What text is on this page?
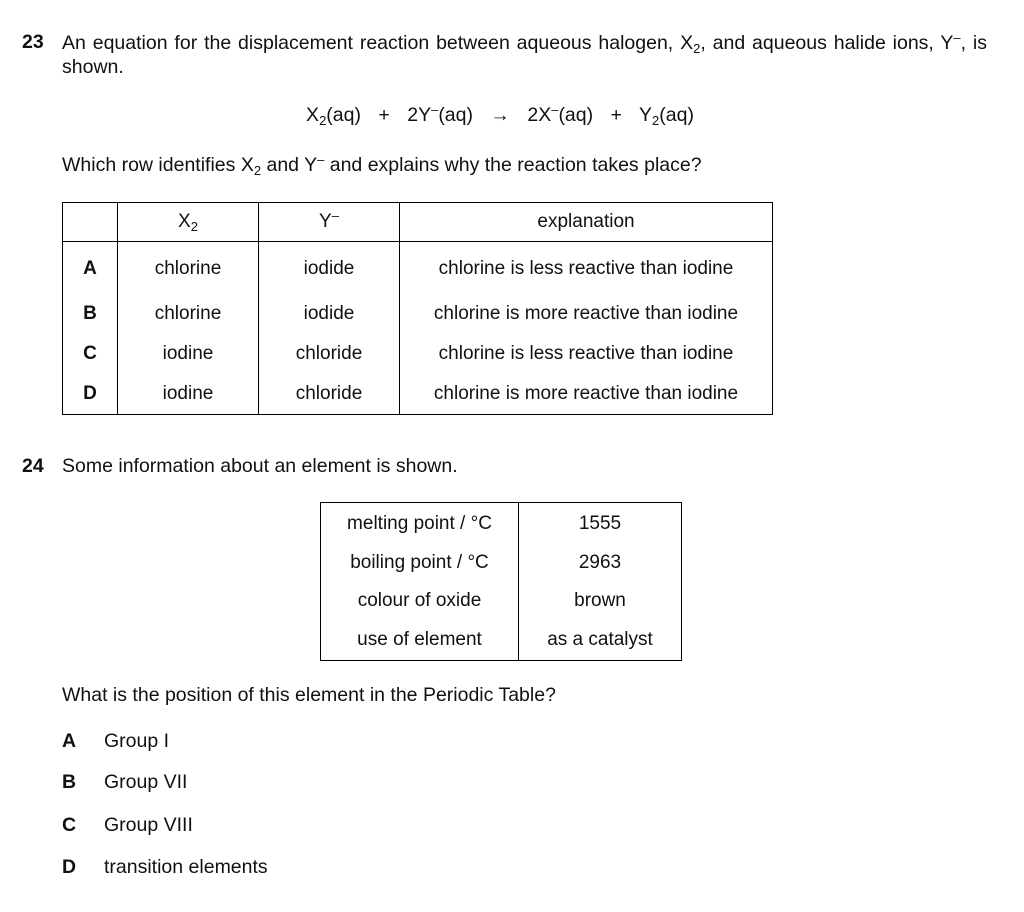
23 An equation for the displacement reaction between aqueous halogen, $X_2$, and aqueous halide ions, Y–, is shown.
$X_2(aq) + 2Y^-(aq) \to 2X^-(aq) + Y_2(aq)$
Which row identifies $X_2$ and Y– and explains why the reaction takes place?
	$X_2$	Y–	explanation
A	chlorine	iodide	chlorine is less reactive than iodine
B	chlorine	iodide	chlorine is more reactive than iodine
C	iodine	chloride	chlorine is less reactive than iodine
D	iodine	chloride	chlorine is more reactive than iodine
24 Some information about an element is shown.
melting point / °C	1555
boiling point / °C	2963
colour of oxide	brown
use of element	as a catalyst
What is the position of this element in the Periodic Table?
A Group I
B Group VII
C Group VIII
D transition elements
